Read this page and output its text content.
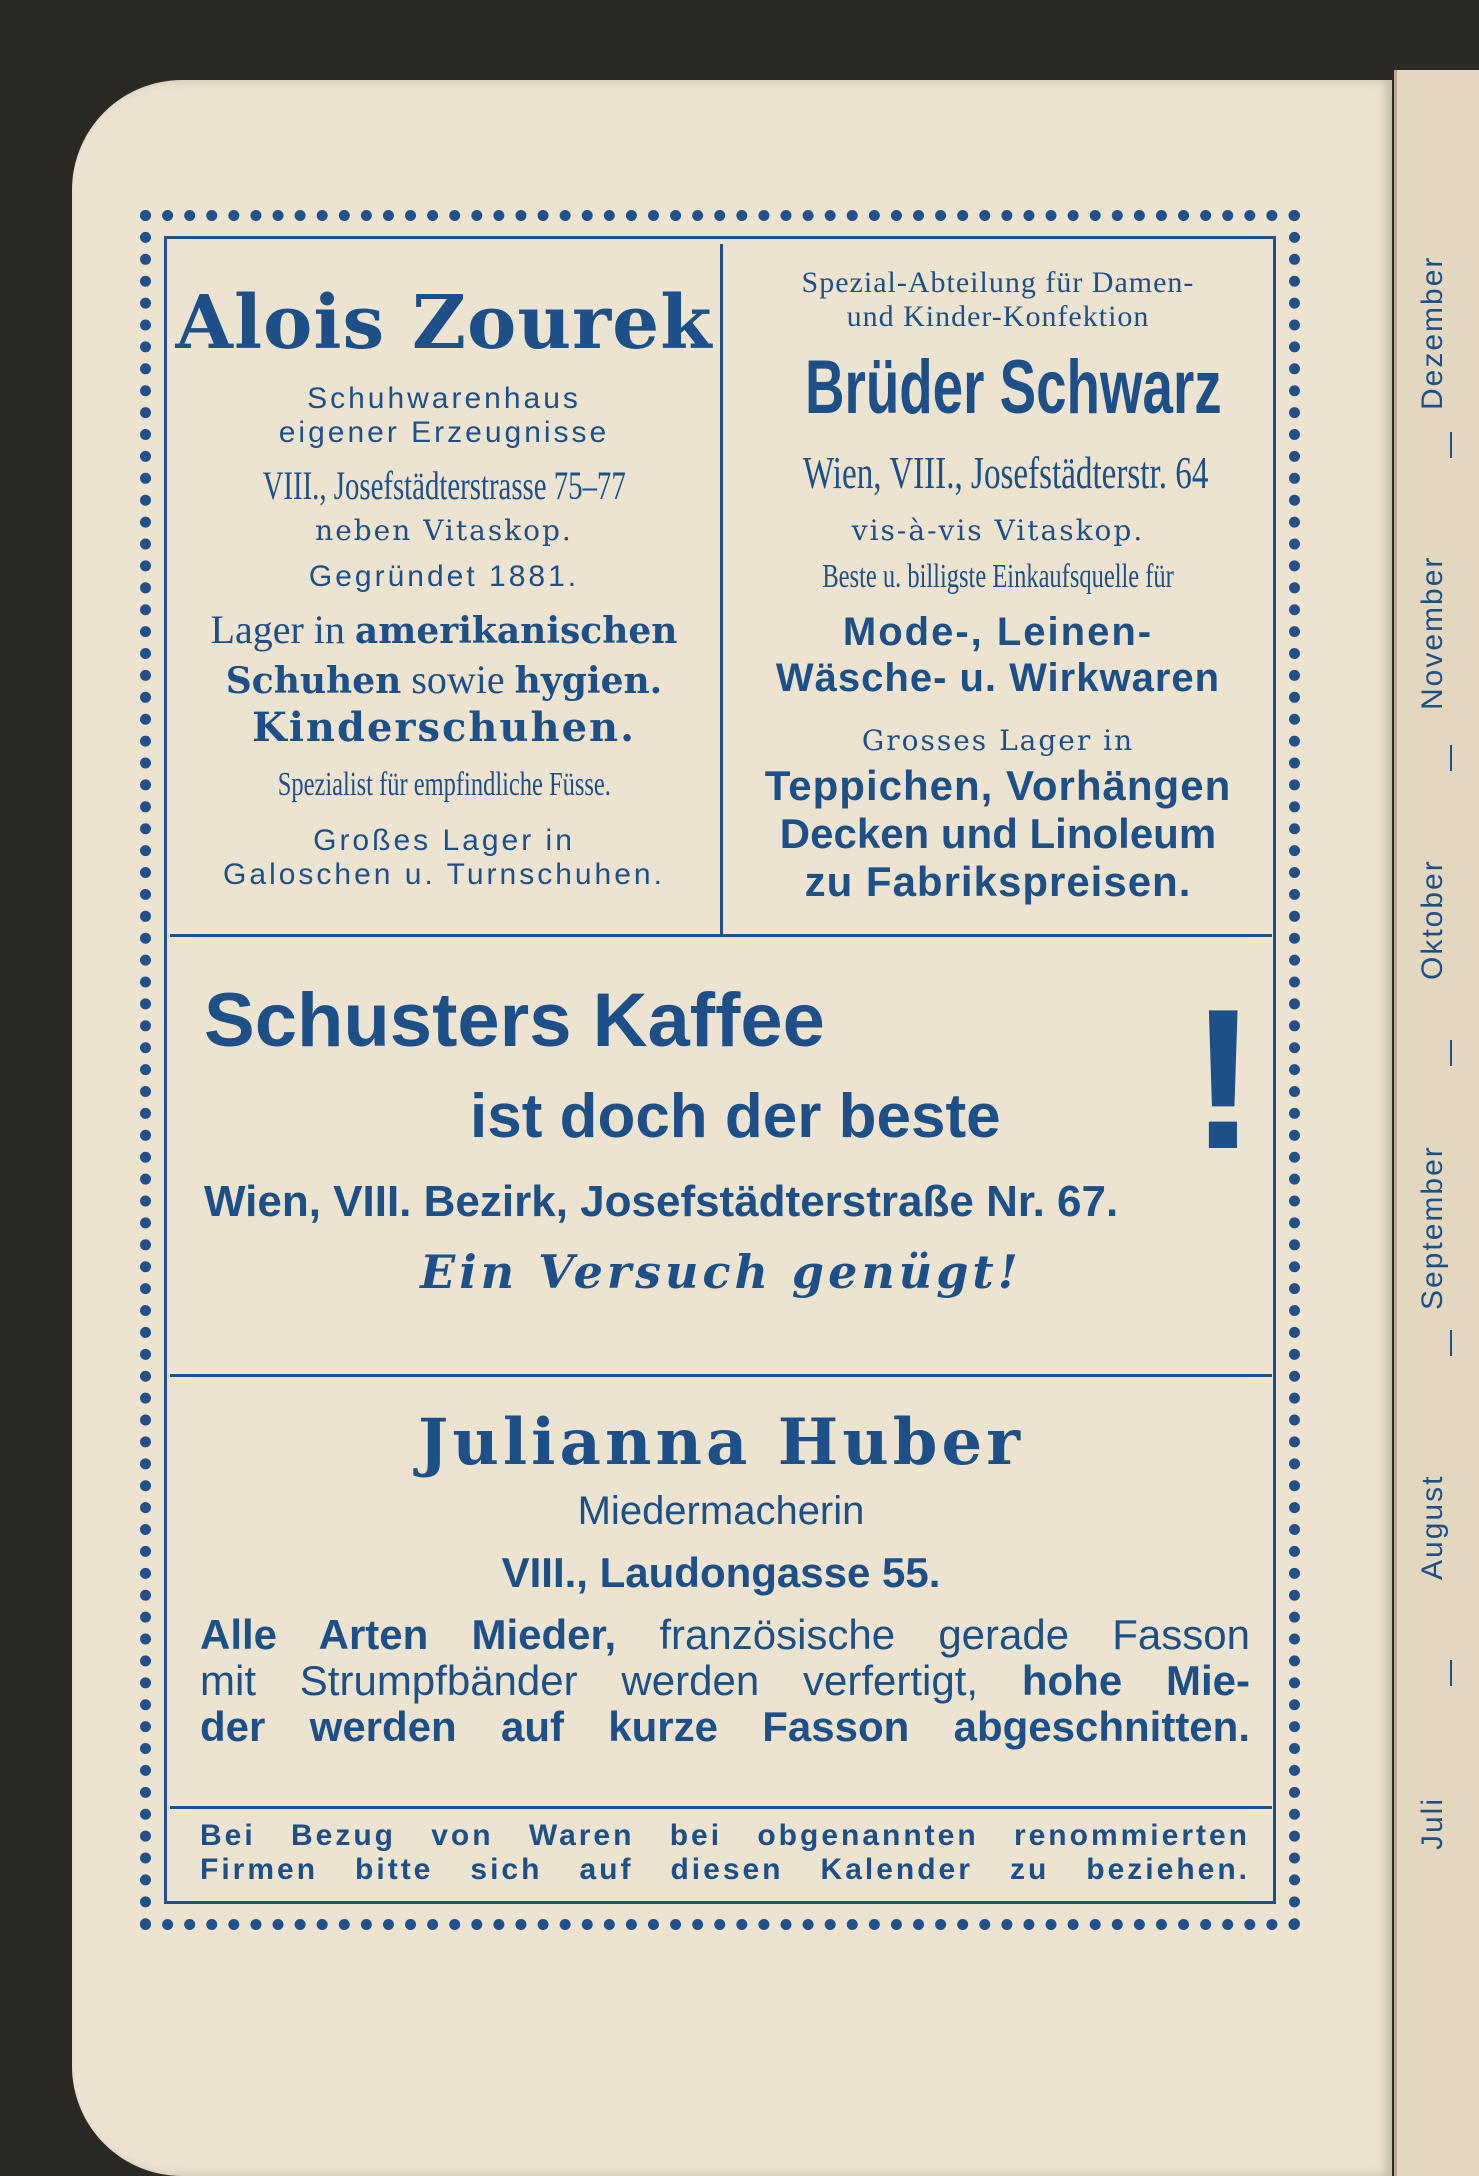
Alois Zourek
Schuhwarenhaus
eigener Erzeugnisse
VIII., Josefstädterstrasse 75–77
neben Vitaskop.
Gegründet 1881.
Lager in amerikanischen
Schuhen sowie hygien.
Kinderschuhen.
Spezialist für empfindliche Füsse.
Großes Lager in
Galoschen u. Turnschuhen.
Spezial-Abteilung für Damen-
und Kinder-Konfektion
Brüder Schwarz
Wien, VIII., Josefstädterstr. 64
vis-à-vis Vitaskop.
Beste u. billigste Einkaufsquelle für
Mode-, Leinen-
Wäsche- u. Wirkwaren
Grosses Lager in
Teppichen, Vorhängen
Decken und Linoleum
zu Fabrikspreisen.
Schusters Kaffee
ist doch der beste !
Wien, VIII. Bezirk, Josefstädterstraße Nr. 67.
Ein Versuch genügt!
Julianna Huber
Miedermacherin
VIII., Laudongasse 55.
Alle Arten Mieder, französische gerade Fasson
mit Strumpfbänder werden verfertigt, hohe Mie-
der werden auf kurze Fasson abgeschnitten.
Bei Bezug von Waren bei obgenannten renommierten
Firmen bitte sich auf diesen Kalender zu beziehen.
Dezember
November
Oktober
September
August
Juli
